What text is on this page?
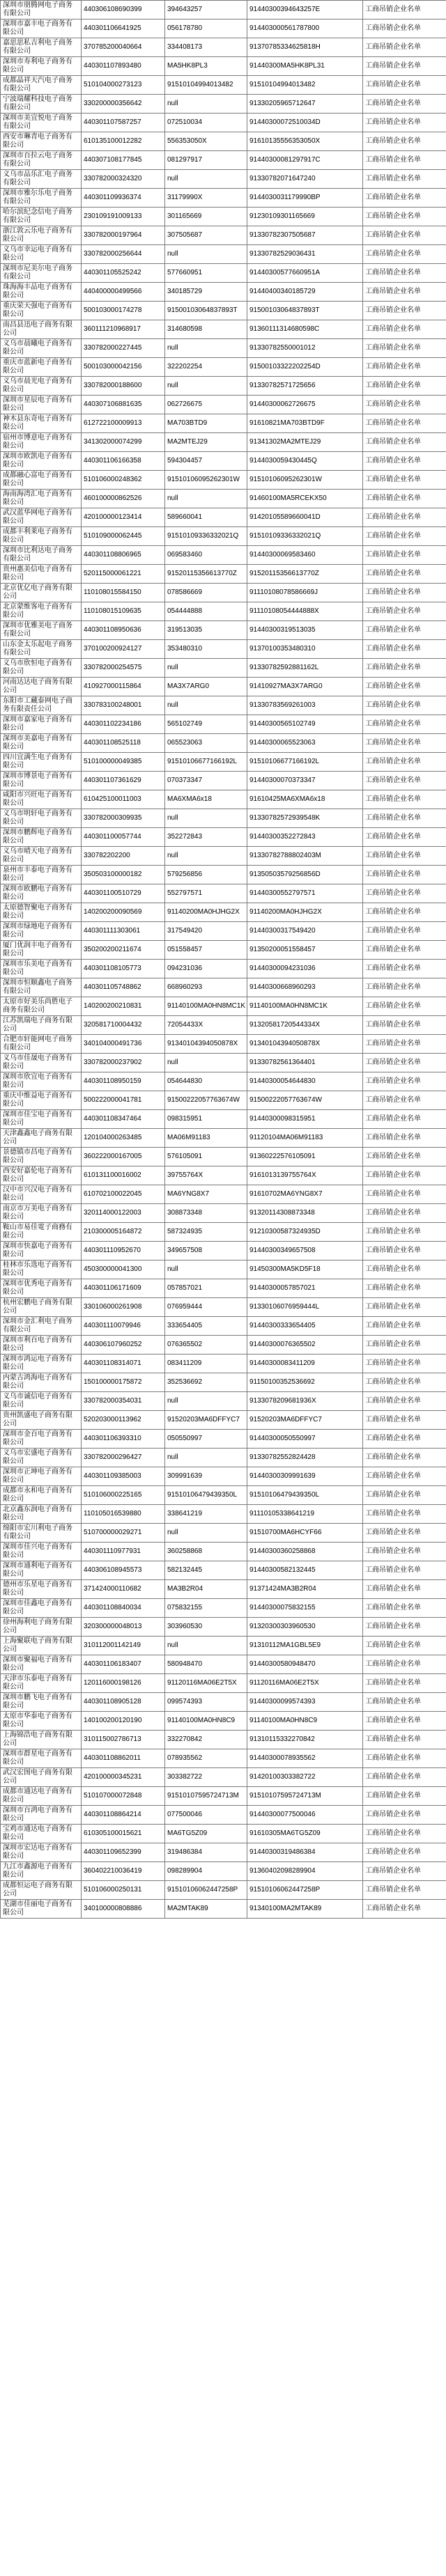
深圳市朋腾网电子商务有限公司	440306108690399	394643257	91440300394643257E	工商吊销企业名单
深圳市嘉丰电子商务有限公司	440301106641925	056178780	914403000561787800	工商吊销企业名单
嘉思思私吉利电子商务有限公司	370785200040664	334408173	91370785334625818H	工商吊销企业名单
深圳市寿利电子商务有限公司	440301107893480	MA5HK8PL3	91440300MA5HK8PL31	工商吊销企业名单
成都晶祥天汽电子商务有限公司	510104000273123	91510104994013482	91510104994013482	工商吊销企业名单
宁波瑞耀科技电子商务有限公司	330200000356642	null	91330205965712647	工商吊销企业名单
深圳市美宜悦电子商务有限公司	440301107587257	072510034	91440300072510034D	工商吊销企业名单
西安市琳青电子商务有限公司	610135100012282	556353050X	91610135556353050X	工商吊销企业名单
深圳市百拉云电子商务有限公司	440307108177845	081297917	91440300081297917C	工商吊销企业名单
义乌市品乐汇电子商务有限公司	330782000324320	null	91330782071647240	工商吊销企业名单
深圳市雅尔乐电子商务有限公司	440301109936374	31179990X	9144030031179990BP	工商吊销企业名单
哈尔滨纪念信电子商务有限公司	230109191009133	301165669	91230109301165669	工商吊销企业名单
浙江敦云乐电子商务有限公司	330782000197964	307505687	91330782307505687	工商吊销企业名单
义乌市幸运电子商务有限公司	330782000256644	null	91330782529036431	工商吊销企业名单
深圳市尼美尔电子商务有限公司	440301105525242	577660951	91440300577660951A	工商吊销企业名单
珠海海丰品电子商务有限公司	440400000499566	340185729	91440400340185729	工商吊销企业名单
重庆荣天强电子商务有限公司	500103000174278	91500103064837893T	91500103064837893T	工商吊销企业名单
南昌县迅电子商务有限公司	360111210968917	314680598	91360111314680598C	工商吊销企业名单
义乌市晨曦电子商务有限公司	330782000227445	null	91330782550001012	工商吊销企业名单
重庆市蓝新电子商务有限公司	500103000042156	322202254	91500103322202254D	工商吊销企业名单
义乌市晨光电子商务有限公司	330782000188600	null	91330782571725656	工商吊销企业名单
深圳市星辰电子商务有限公司	440307106881635	062726675	91440300062726675	工商吊销企业名单
神木县东奇电子商务有限公司	612722100009913	MA703BTD9	91610821MA703BTD9F	工商吊销企业名单
宿州市博意电子商务有限公司	341302000074299	MA2MTEJ29	91341302MA2MTEJ29	工商吊销企业名单
深圳市欧凯电子商务有限公司	440301106166358	594304457	9144030059430445Q	工商吊销企业名单
成都融心富电子商务有限公司	510106000248362	91510106095262301W	91510106095262301W	工商吊销企业名单
海南海湾汇电子商务有限公司	460100000862526	null	91460100MA5RCEKX50	工商吊销企业名单
武汉蓝华网电子商务有限公司	420100000123414	589660041	91420105589660041D	工商吊销企业名单
成都丰利莱电子商务有限公司	510109000062445	91510109336332021Q	91510109336332021Q	工商吊销企业名单
深圳市比利达电子商务有限公司	440301108806965	069583460	91440300069583460	工商吊销企业名单
贵州惠美信电子商务有限公司	520115000061221	91520115356613770Z	91520115356613770Z	工商吊销企业名单
北京优亿电子商务有限公司	110108015584150	078586669	91110108078586669J	工商吊销企业名单
北京蒙维客电子商务有限公司	110108015109635	054444888	91110108054444888X	工商吊销企业名单
深圳市优雅美电子商务有限公司	440301108950636	319513035	91440300319513035	工商吊销企业名单
山东金太乐起电子商务有限公司	370100200924127	353480310	91370100353480310	工商吊销企业名单
义乌市欣恒电子商务有限公司	330782000254575	null	91330782592881162L	工商吊销企业名单
河南达达电子商务有限公司	410927000115864	MA3X7ARG0	91410927MA3X7ARG0	工商吊销企业名单
东阳市工藏泰网电子商务有限责任公司	330783100248001	null	91330783569261003	工商吊销企业名单
深圳市嘉家电子商务有限公司	440301102234186	565102749	91440300565102749	工商吊销企业名单
深圳市美嘉电子商务有限公司	440301108525118	065523063	91440300065523063	工商吊销企业名单
四川宜满生电子商务有限公司	510100000049385	91510106677166192L	91510106677166192L	工商吊销企业名单
深圳市博景电子商务有限公司	440301107361629	070373347	91440300070373347	工商吊销企业名单
咸阳市兴旺电子商务有限公司	610425100011003	MA6XMA6x18	91610425MA6XMA6x18	工商吊销企业名单
义乌市明轩电子商务有限公司	330782000309935	null	91330782572939548K	工商吊销企业名单
深圳市鹏辉电子商务有限公司	440301100057744	352272843	91440300352272843	工商吊销企业名单
义乌市晴天电子商务有限公司	330782202200	null	91330782788802403M	工商吊销企业名单
泉州市丰泰电子商务有限公司	350503100000182	579256856	91350503579256856D	工商吊销企业名单
深圳市欧鹏电子商务有限公司	440301100510729	552797571	91440300552797571	工商吊销企业名单
太原德智聚电子商务有限公司	140200200090569	91140200MA0HJHG2X	91140200MA0HJHG2X	工商吊销企业名单
深圳市绿地电子商务有限公司	440301111303061	317549420	91440300317549420	工商吊销企业名单
厦门优润丰电子商务有限公司	350200200211674	051558457	91350200051558457	工商吊销企业名单
深圳市乐美电子商务有限公司	440301108105773	094231036	91440300094231036	工商吊销企业名单
深圳市恒顺鑫电子商务有限公司	440301105748862	668960293	91440300668960293	工商吊销企业名单
太原市好美乐尚胜电子商务有限公司	140200200210831	91140100MA0HN8MC1K	91140100MA0HN8MC1K	工商吊销企业名单
江苏凯瑞电子商务有限公司	320581710004432	72054433X	91320581720544334X	工商吊销企业名单
合肥市轩能网电子商务有限公司	340104000491736	91340104394050878X	91340104394050878X	工商吊销企业名单
义乌市佳晟电子商务有限公司	330782000237902	null	91330782561364401	工商吊销企业名单
深圳市欣宜电子商务有限公司	440301108950159	054644830	91440300054644830	工商吊销企业名单
重庆中维益电子商务有限公司	500222000041781	91500222057763674W	91500222057763674W	工商吊销企业名单
深圳市佳宝电子商务有限公司	440301108347464	098315951	91440300098315951	工商吊销企业名单
天津鑫鑫电子商务有限公司	120104000263485	MA06M91183	91120104MA06M91183	工商吊销企业名单
景德镇市昌电子商务有限公司	360222000167005	576105091	91360222576105091	工商吊销企业名单
西安好嘉伦电子商务有限公司	610131100016002	39755764X	9161013139755764X	工商吊销企业名单
汉中市兴汉电子商务有限公司	610702100022045	MA6YNG8X7	91610702MA6YNG8X7	工商吊销企业名单
南京市万美电子商务有限公司	320114000122003	308873348	91320114308873348	工商吊销企业名单
鞍山市易佳電子商務有限公司	210300005164872	587324935	91210300587324935D	工商吊销企业名单
深圳市快嘉电子商务有限公司	440301110952670	349657508	91440300349657508	工商吊销企业名单
桂林市乐选电子商务有限公司	450300000041300	null	91450300MA5KD5F18	工商吊销企业名单
深圳市优秀电子商务有限公司	440301106171609	057857021	91440300057857021	工商吊销企业名单
杭州宏鹏电子商务有限公司	330106000261908	076959444	91330106076959444L	工商吊销企业名单
深圳市金汇利电子商务有限公司	440301110079946	333654405	91440300333654405	工商吊销企业名单
深圳市利百电子商务有限公司	440306107960252	076365502	91440300076365502	工商吊销企业名单
深圳市鸿运电子商务有限公司	440301108314071	083411209	91440300083411209	工商吊销企业名单
内蒙古鸿海电子商务有限公司	150100000175872	352536692	91150100352536692	工商吊销企业名单
义乌市诚信电子商务有限公司	330782000354031	null	9133078209681936X	工商吊销企业名单
贵州凯盛电子商务有限公司	520203000113962	91520203MA6DFFYC7	91520203MA6DFFYC7	工商吊销企业名单
深圳市金百电子商务有限公司	440301106393310	050550997	91440300050550997	工商吊销企业名单
义乌市宏盛电子商务有限公司	330782000296427	null	91330782552824428	工商吊销企业名单
深圳市正坤电子商务有限公司	440301109385003	309991639	91440300309991639	工商吊销企业名单
成都市永和电子商务有限公司	510106000225165	91510106479439350L	91510106479439350L	工商吊销企业名单
北京鑫东润电子商务有限公司	110105016539880	338641219	91110105338641219	工商吊销企业名单
绵阳市宏川利电子商务有限公司	510700000029271	null	91510700MA6HCYF66	工商吊销企业名单
深圳市佳兴电子商务有限公司	440301110977931	360258868	91440300360258868	工商吊销企业名单
深圳市通利电子商务有限公司	440306108945573	582132445	91440300582132445	工商吊销企业名单
德州市乐星电子商务有限公司	371424000110682	MA3B2R04	91371424MA3B2R04	工商吊销企业名单
深圳市佳鑫电子商务有限公司	440301108840034	075832155	91440300075832155	工商吊销企业名单
徐州海利电子商务有限公司	320300000048013	303960530	91320300303960530	工商吊销企业名单
上海聚联电子商务有限公司	310112001142149	null	91310112MA1GBL5E9	工商吊销企业名单
深圳市聚福电子商务有限公司	440301106183407	580948470	91440300580948470	工商吊销企业名单
天津市乐泰电子商务有限公司	120116000198126	91120116MA06E2T5X	91120116MA06E2T5X	工商吊销企业名单
深圳市鹏飞电子商务有限公司	440301108905128	099574393	91440300099574393	工商吊销企业名单
太原市华泰电子商务有限公司	140100200120190	91140100MA0HN8C9	91140100MA0HN8C9	工商吊销企业名单
上海锦浩电子商务有限公司	310115002786713	332270842	91310115332270842	工商吊销企业名单
深圳市群星电子商务有限公司	440301108862011	078935562	91440300078935562	工商吊销企业名单
武汉宏图电子商务有限公司	420100000345231	303382722	91420100303382722	工商吊销企业名单
成都市通达电子商务有限公司	510107000072848	91510107595724713M	91510107595724713M	工商吊销企业名单
深圳市百鸿电子商务有限公司	440301108864214	077500046	91440300077500046	工商吊销企业名单
宝鸡市通达电子商务有限公司	610305100015621	MA6TG5Z09	91610305MA6TG5Z09	工商吊销企业名单
深圳市宏达电子商务有限公司	440301109652399	319486384	91440300319486384	工商吊销企业名单
九江市鑫源电子商务有限公司	360402210036419	098289904	91360402098289904	工商吊销企业名单
成都恒运电子商务有限公司	510106000250131	91510106062447258P	91510106062447258P	工商吊销企业名单
芜湖市佳丽电子商务有限公司	340100000808886	MA2MTAK89	91340100MA2MTAK89	工商吊销企业名单
